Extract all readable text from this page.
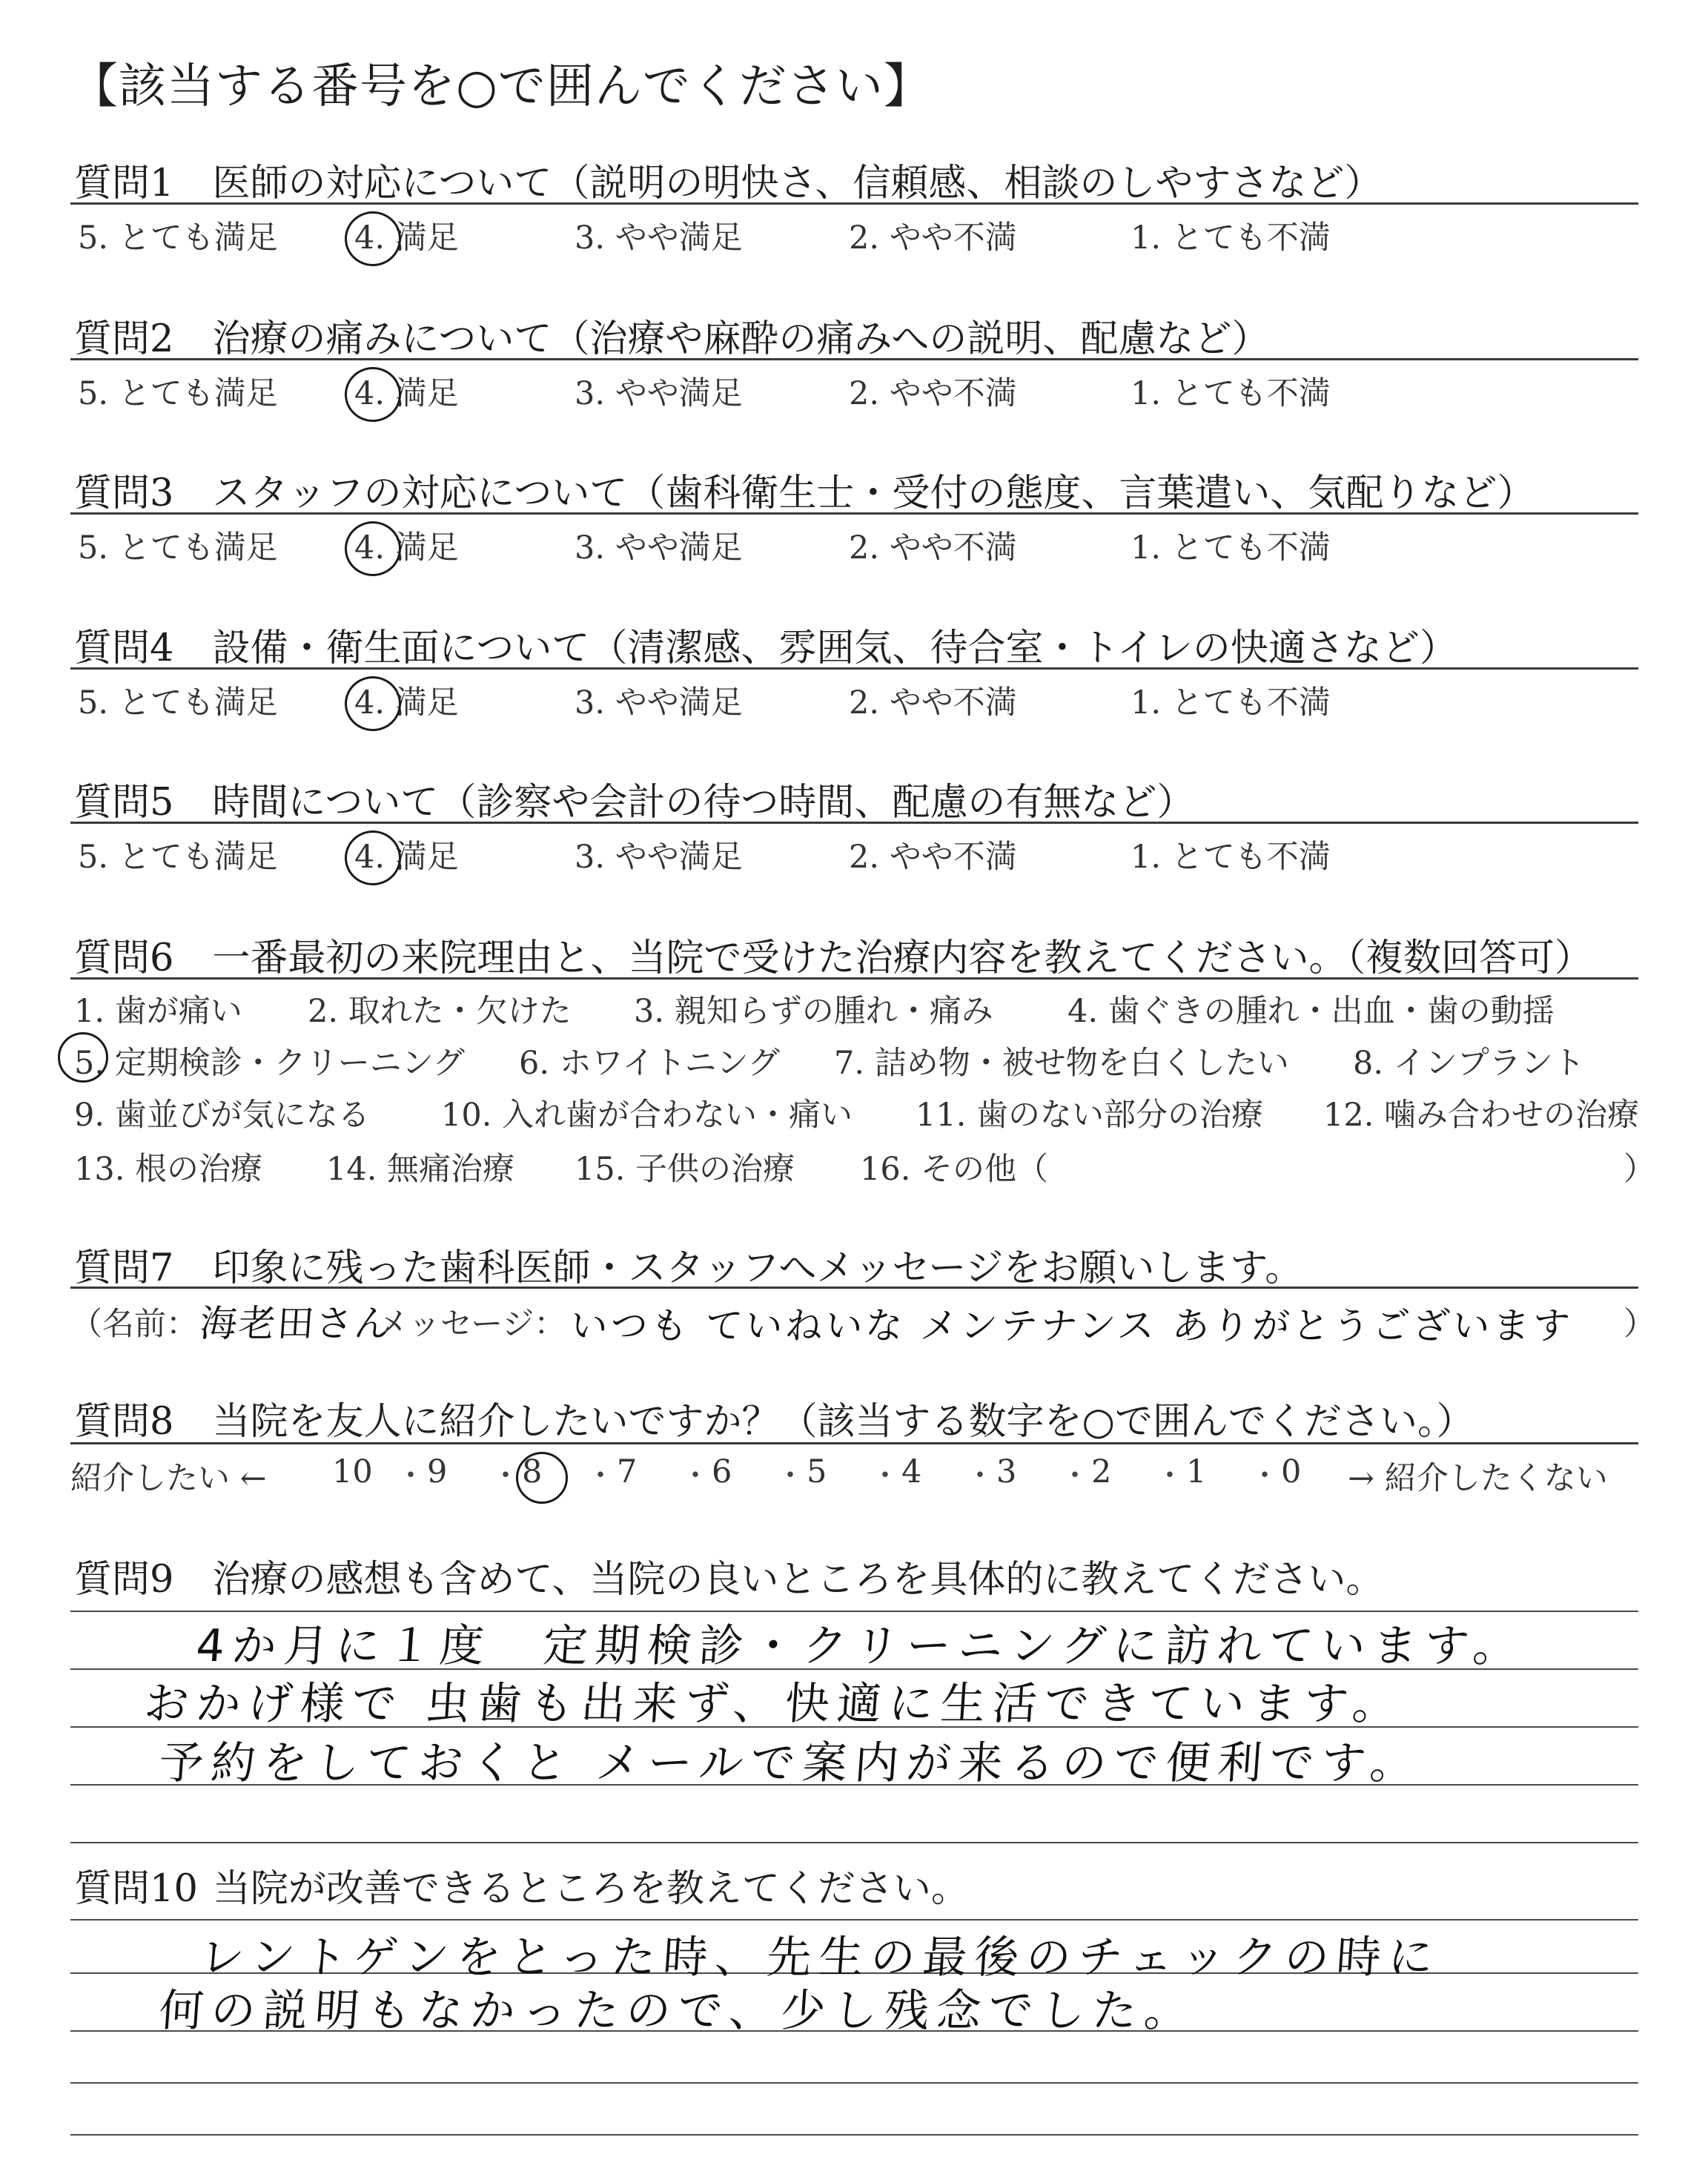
【該当する番号を○で囲んでください】
質問1 医師の対応について（説明の明快さ、信頼感、相談のしやすさなど）
5. とても満足 4. 満足	3. やや満足	2. やや不満	1. とても不満
質問2 治療の痛みについて（治療や麻酔の痛みへの説明、配慮など）
5. とても満足 4. 満足	3. やや満足	2. やや不満	1. とても不満
質問3 スタッフの対応について（歯科衛生士・受付の態度、言葉遣い、気配りなど）
5. とても満足 4. 満足	3. やや満足	2. やや不満	1. とても不満
質問4 設備・衛生面について（清潔感、雰囲気、待合室・トイレの快適さなど）
5. とても満足 4. 満足	3. やや満足	2. やや不満	1. とても不満
質問5 時間について（診察や会計の待つ時間、配慮の有無など）
5. とても満足 4. 満足	3. やや満足	2. やや不満	1. とても不満
質問6 一番最初の来院理由と、当院で受けた治療内容を教えてください。（複数回答可）
1. 歯が痛い 2. 取れた・欠けた 3. 親知らずの腫れ・痛み 4. 歯ぐきの腫れ・出血・歯の動揺
5. 定期検診・クリーニング 6. ホワイトニング 7. 詰め物・被せ物を白くしたい 8. インプラント
9. 歯並びが気になる 10. 入れ歯が合わない・痛い 11. 歯のない部分の治療 12. 噛み合わせの治療
13. 根の治療 14. 無痛治療 15. 子供の治療 16. その他（	）
質問7 印象に残った歯科医師・スタッフへメッセージをお願いします。
（名前： 海老田さん
メッセージ： いつも ていねいな メンテナンス ありがとうございます ）
質問8 当院を友人に紹介したいですか？（該当する数字を○で囲んでください。）
紹介したい ← 10 ・ 9 ・ 8 ・ 7 ・ 6 ・ 5 ・ 4 ・ 3 ・ 2 ・ 1 ・ 0 → 紹介したくない
質問9 治療の感想も含めて、当院の良いところを具体的に教えてください。
4か月に１度　定期検診・クリーニングに訪れています。
おかげ様で 虫歯も出来ず、快適に生活できています。
予約をしておくと メールで案内が来るので便利です。
質問10 当院が改善できるところを教えてください。
レントゲンをとった時、先生の最後のチェックの時に
何の説明もなかったので、少し残念でした。
